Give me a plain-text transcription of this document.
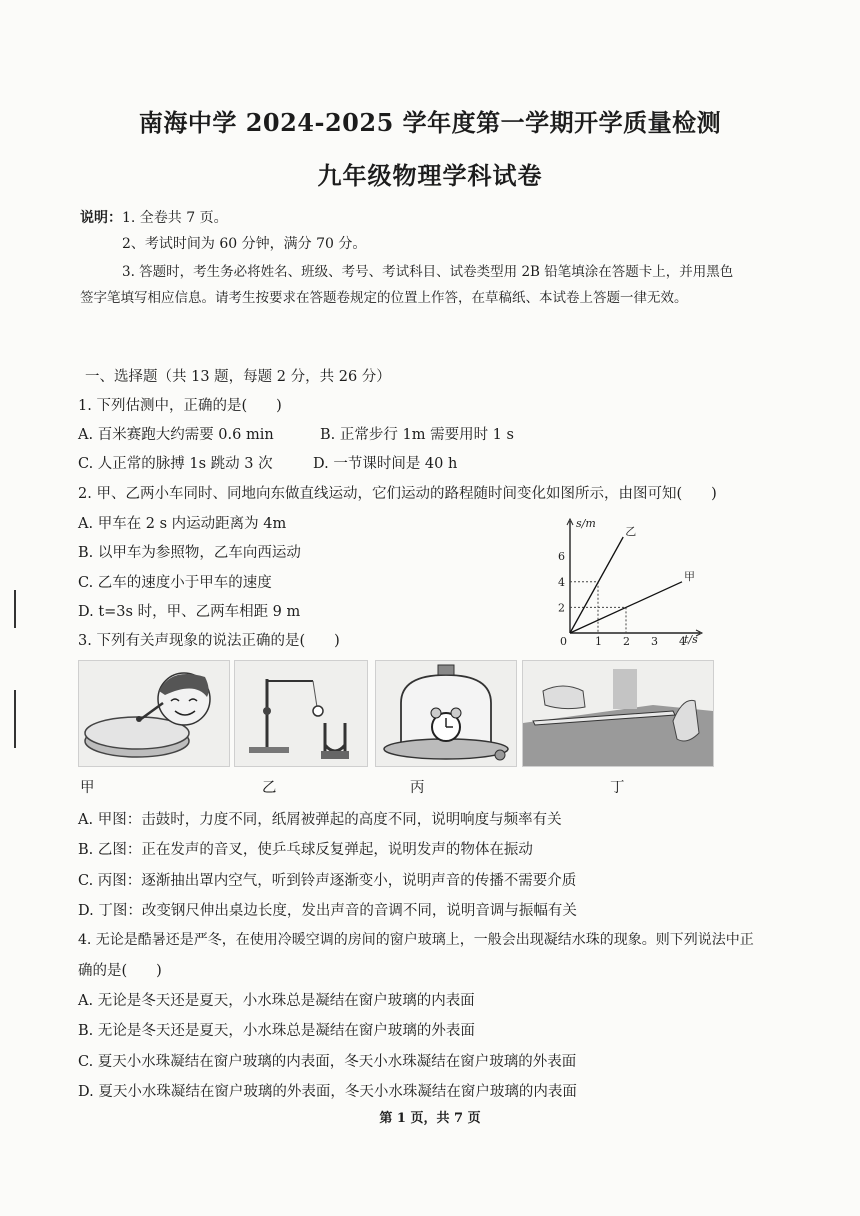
南海中学 2024-2025 学年度第一学期开学质量检测
九年级物理学科试卷
说明： 1. 全卷共 7 页。
2、考试时间为 60 分钟，满分 70 分。
3. 答题时，考生务必将姓名、班级、考号、考试科目、试卷类型用 2B 铅笔填涂在答题卡上，并用黑色
签字笔填写相应信息。请考生按要求在答题卷规定的位置上作答，在草稿纸、本试卷上答题一律无效。
一、选择题（共 13 题，每题 2 分，共 26 分）
1. 下列估测中，正确的是(　　)
A. 百米赛跑大约需要 0.6 min	B. 正常步行 1m 需要用时 1 s
C. 人正常的脉搏 1s 跳动 3 次	D. 一节课时间是 40 h
2. 甲、乙两小车同时、同地向东做直线运动，它们运动的路程随时间变化如图所示，由图可知(　　)
A. 甲车在 2 s 内运动距离为 4m
B. 以甲车为参照物，乙车向西运动
C. 乙车的速度小于甲车的速度
D. t=3s 时，甲、乙两车相距 9 m
s/m
t/s
0	1 2 3 4
2
4
6
乙
甲
3. 下列有关声现象的说法正确的是(　　)
甲	乙	丙	丁
A. 甲图：击鼓时，力度不同，纸屑被弹起的高度不同，说明响度与频率有关
B. 乙图：正在发声的音叉，使乒乓球反复弹起，说明发声的物体在振动
C. 丙图：逐渐抽出罩内空气，听到铃声逐渐变小，说明声音的传播不需要介质
D. 丁图：改变钢尺伸出桌边长度，发出声音的音调不同，说明音调与振幅有关
4. 无论是酷暑还是严冬，在使用冷暖空调的房间的窗户玻璃上，一般会出现凝结水珠的现象。则下列说法中正
确的是(　　)
A. 无论是冬天还是夏天，小水珠总是凝结在窗户玻璃的内表面
B. 无论是冬天还是夏天，小水珠总是凝结在窗户玻璃的外表面
C. 夏天小水珠凝结在窗户玻璃的内表面，冬天小水珠凝结在窗户玻璃的外表面
D. 夏天小水珠凝结在窗户玻璃的外表面，冬天小水珠凝结在窗户玻璃的内表面
第 1 页，共 7 页
